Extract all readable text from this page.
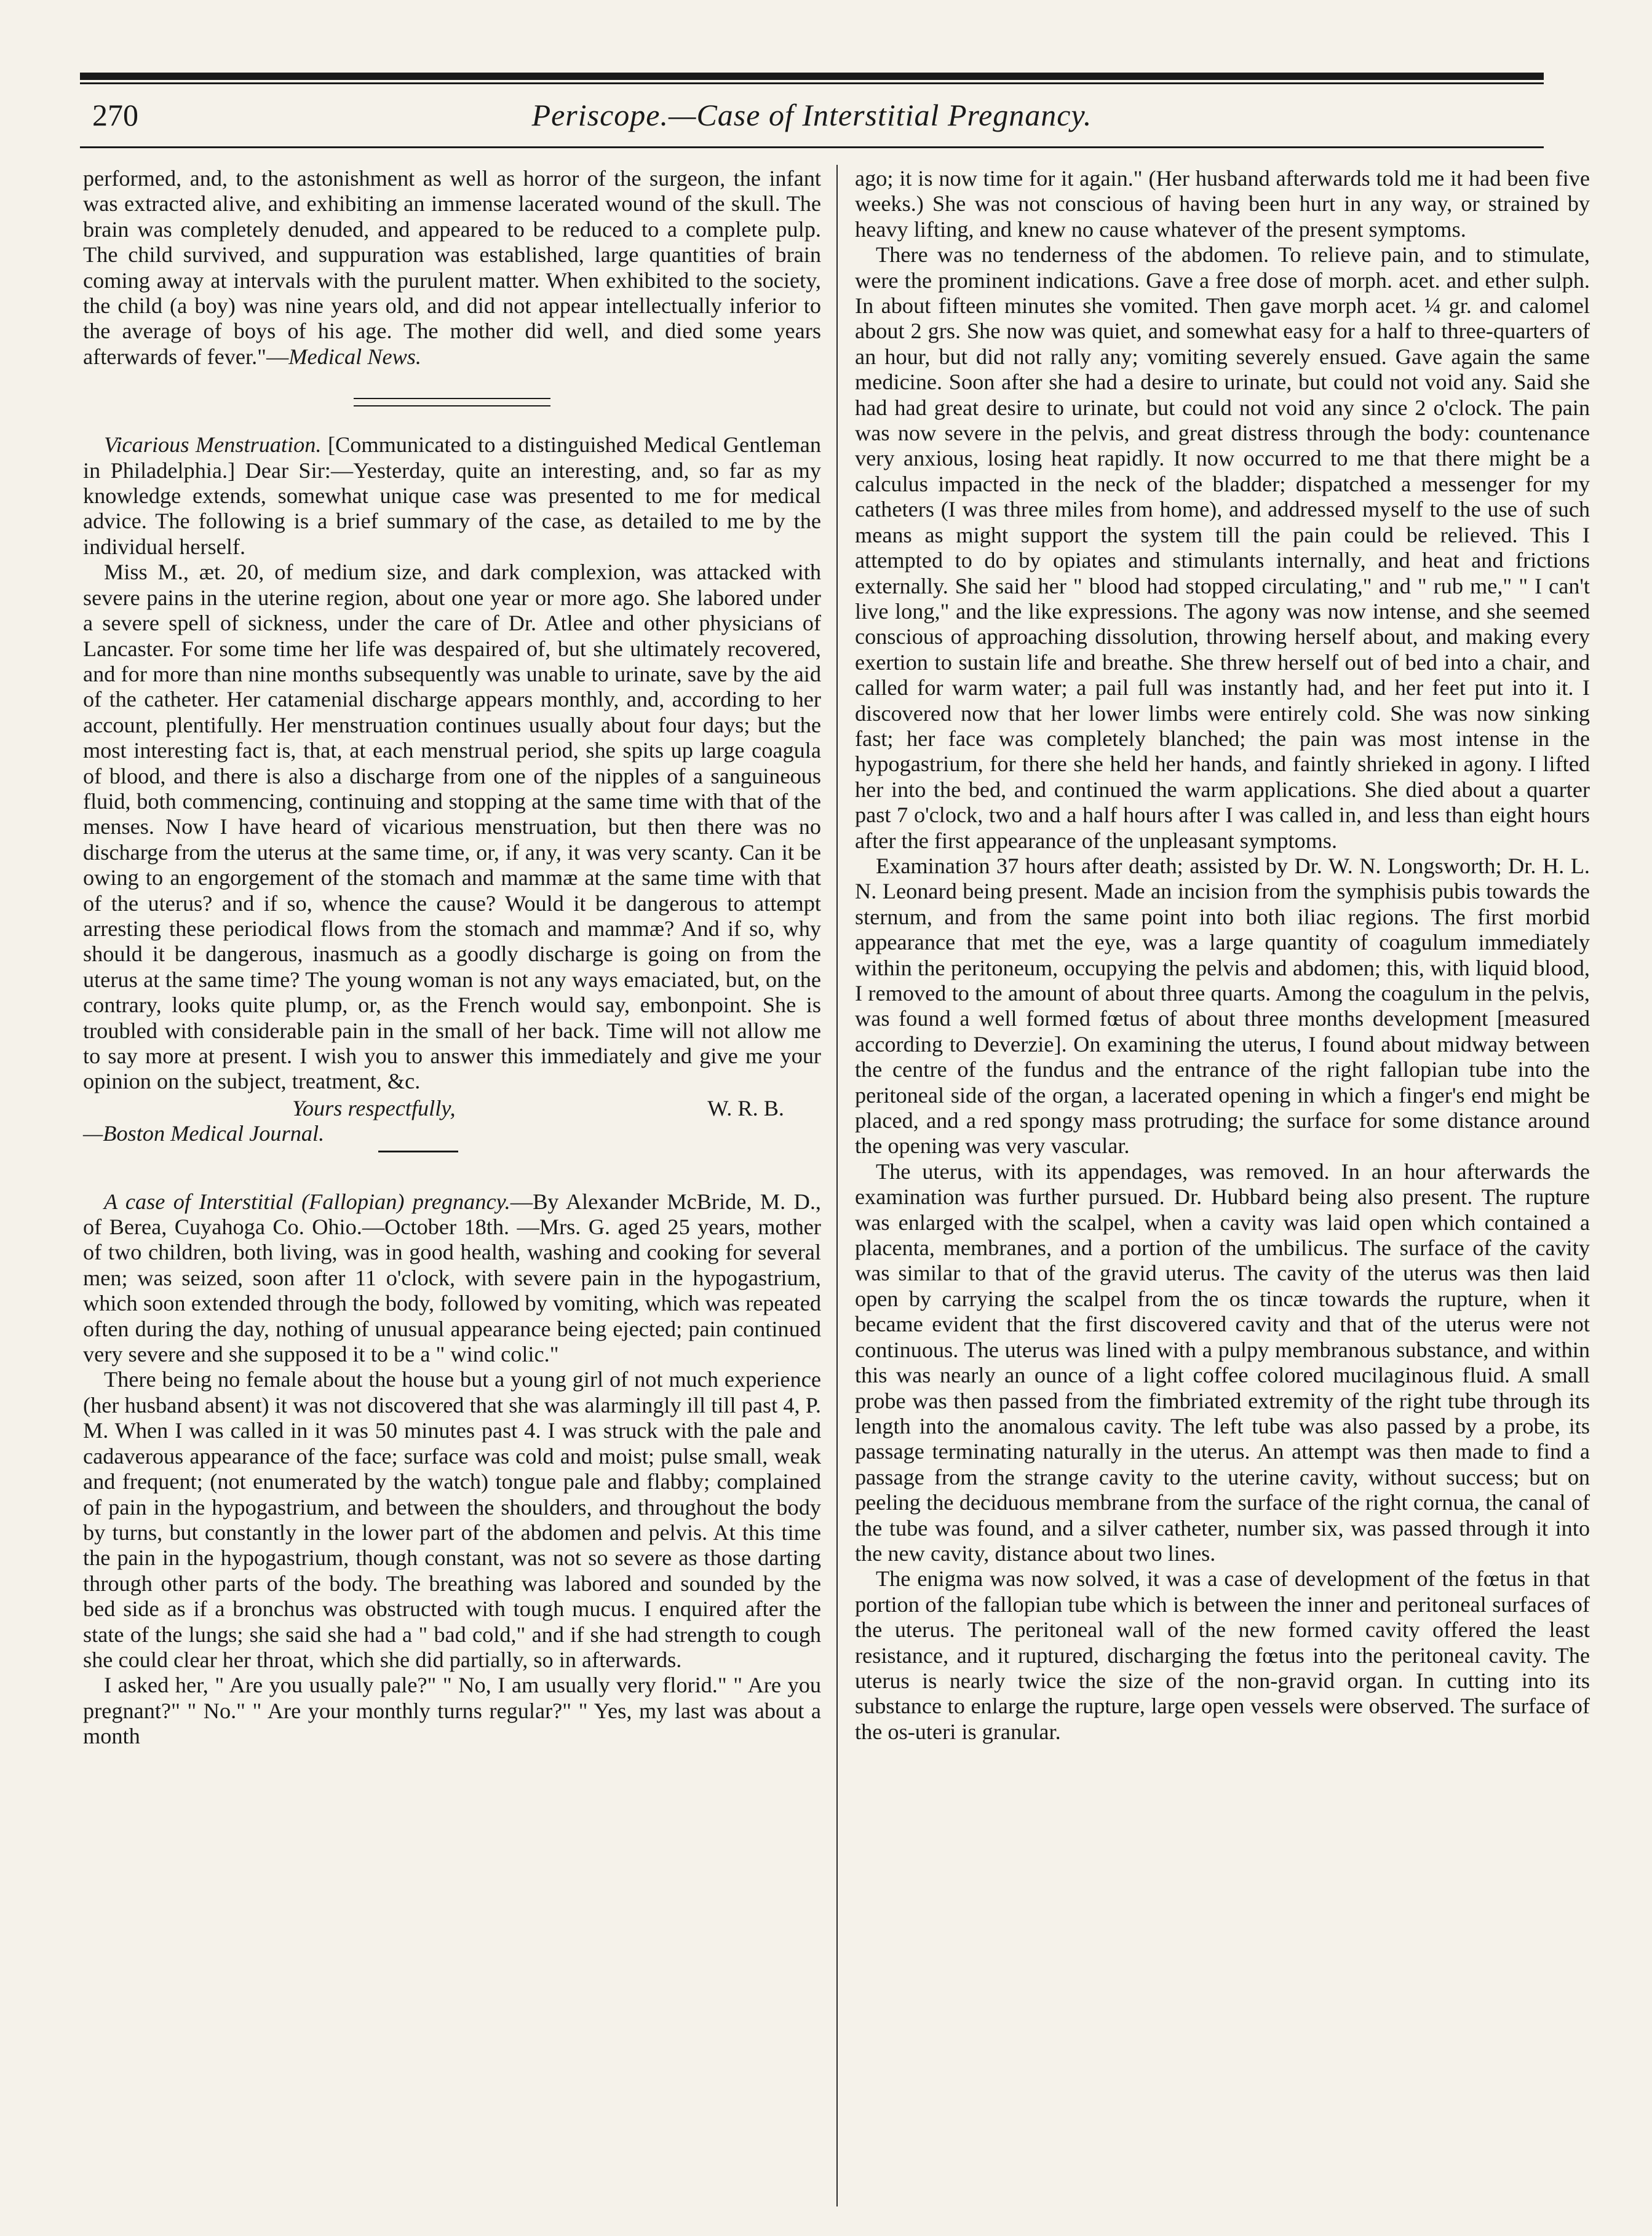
270	Periscope.—Case of Interstitial Pregnancy.

performed, and, to the astonishment as well as horror of the surgeon, the infant was extracted alive, and exhibiting an immense lacerated wound of the skull. The brain was completely denuded, and appeared to be reduced to a complete pulp. The child survived, and suppuration was established, large quantities of brain coming away at intervals with the purulent matter. When exhibited to the society, the child (a boy) was nine years old, and did not appear intellectually inferior to the average of boys of his age. The mother did well, and died some years afterwards of fever."—Medical News.

Vicarious Menstruation. [Communicated to a distinguished Medical Gentleman in Philadelphia.] Dear Sir:—Yesterday, quite an interesting, and, so far as my knowledge extends, somewhat unique case was presented to me for medical advice. The following is a brief summary of the case, as detailed to me by the individual herself.

Miss M., æt. 20, of medium size, and dark complexion, was attacked with severe pains in the uterine region, about one year or more ago. She labored under a severe spell of sickness, under the care of Dr. Atlee and other physicians of Lancaster. For some time her life was despaired of, but she ultimately recovered, and for more than nine months subsequently was unable to urinate, save by the aid of the catheter. Her catamenial discharge appears monthly, and, according to her account, plentifully. Her menstruation continues usually about four days; but the most interesting fact is, that, at each menstrual period, she spits up large coagula of blood, and there is also a discharge from one of the nipples of a sanguineous fluid, both commencing, continuing and stopping at the same time with that of the menses. Now I have heard of vicarious menstruation, but then there was no discharge from the uterus at the same time, or, if any, it was very scanty. Can it be owing to an engorgement of the stomach and mammæ at the same time with that of the uterus? and if so, whence the cause? Would it be dangerous to attempt arresting these periodical flows from the stomach and mammæ? And if so, why should it be dangerous, inasmuch as a goodly discharge is going on from the uterus at the same time? The young woman is not any ways emaciated, but, on the contrary, looks quite plump, or, as the French would say, embonpoint. She is troubled with considerable pain in the small of her back. Time will not allow me to say more at present. I wish you to answer this immediately and give me your opinion on the subject, treatment, &c.

Yours respectfully,	W. R. B.

—Boston Medical Journal.

A case of Interstitial (Fallopian) pregnancy.—By Alexander McBride, M. D., of Berea, Cuyahoga Co. Ohio.—October 18th. —Mrs. G. aged 25 years, mother of two children, both living, was in good health, washing and cooking for several men; was seized, soon after 11 o'clock, with severe pain in the hypogastrium, which soon extended through the body, followed by vomiting, which was repeated often during the day, nothing of unusual appearance being ejected; pain continued very severe and she supposed it to be a " wind colic."

There being no female about the house but a young girl of not much experience (her husband absent) it was not discovered that she was alarmingly ill till past 4, P. M. When I was called in it was 50 minutes past 4. I was struck with the pale and cadaverous appearance of the face; surface was cold and moist; pulse small, weak and frequent; (not enumerated by the watch) tongue pale and flabby; complained of pain in the hypogastrium, and between the shoulders, and throughout the body by turns, but constantly in the lower part of the abdomen and pelvis. At this time the pain in the hypogastrium, though constant, was not so severe as those darting through other parts of the body. The breathing was labored and sounded by the bed side as if a bronchus was obstructed with tough mucus. I enquired after the state of the lungs; she said she had a " bad cold," and if she had strength to cough she could clear her throat, which she did partially, so in afterwards.

I asked her, " Are you usually pale?" " No, I am usually very florid." " Are you pregnant?" " No." " Are your monthly turns regular?" " Yes, my last was about a month

ago; it is now time for it again." (Her husband afterwards told me it had been five weeks.) She was not conscious of having been hurt in any way, or strained by heavy lifting, and knew no cause whatever of the present symptoms.

There was no tenderness of the abdomen. To relieve pain, and to stimulate, were the prominent indications. Gave a free dose of morph. acet. and ether sulph. In about fifteen minutes she vomited. Then gave morph acet. ¼ gr. and calomel about 2 grs. She now was quiet, and somewhat easy for a half to three-quarters of an hour, but did not rally any; vomiting severely ensued. Gave again the same medicine. Soon after she had a desire to urinate, but could not void any. Said she had had great desire to urinate, but could not void any since 2 o'clock. The pain was now severe in the pelvis, and great distress through the body: countenance very anxious, losing heat rapidly. It now occurred to me that there might be a calculus impacted in the neck of the bladder; dispatched a messenger for my catheters (I was three miles from home), and addressed myself to the use of such means as might support the system till the pain could be relieved. This I attempted to do by opiates and stimulants internally, and heat and frictions externally. She said her " blood had stopped circulating," and " rub me," " I can't live long," and the like expressions. The agony was now intense, and she seemed conscious of approaching dissolution, throwing herself about, and making every exertion to sustain life and breathe. She threw herself out of bed into a chair, and called for warm water; a pail full was instantly had, and her feet put into it. I discovered now that her lower limbs were entirely cold. She was now sinking fast; her face was completely blanched; the pain was most intense in the hypogastrium, for there she held her hands, and faintly shrieked in agony. I lifted her into the bed, and continued the warm applications. She died about a quarter past 7 o'clock, two and a half hours after I was called in, and less than eight hours after the first appearance of the unpleasant symptoms.

Examination 37 hours after death; assisted by Dr. W. N. Longsworth; Dr. H. L. N. Leonard being present. Made an incision from the symphisis pubis towards the sternum, and from the same point into both iliac regions. The first morbid appearance that met the eye, was a large quantity of coagulum immediately within the peritoneum, occupying the pelvis and abdomen; this, with liquid blood, I removed to the amount of about three quarts. Among the coagulum in the pelvis, was found a well formed fœtus of about three months development [measured according to Deverzie]. On examining the uterus, I found about midway between the centre of the fundus and the entrance of the right fallopian tube into the peritoneal side of the organ, a lacerated opening in which a finger's end might be placed, and a red spongy mass protruding; the surface for some distance around the opening was very vascular.

The uterus, with its appendages, was removed. In an hour afterwards the examination was further pursued. Dr. Hubbard being also present. The rupture was enlarged with the scalpel, when a cavity was laid open which contained a placenta, membranes, and a portion of the umbilicus. The surface of the cavity was similar to that of the gravid uterus. The cavity of the uterus was then laid open by carrying the scalpel from the os tincæ towards the rupture, when it became evident that the first discovered cavity and that of the uterus were not continuous. The uterus was lined with a pulpy membranous substance, and within this was nearly an ounce of a light coffee colored mucilaginous fluid. A small probe was then passed from the fimbriated extremity of the right tube through its length into the anomalous cavity. The left tube was also passed by a probe, its passage terminating naturally in the uterus. An attempt was then made to find a passage from the strange cavity to the uterine cavity, without success; but on peeling the deciduous membrane from the surface of the right cornua, the canal of the tube was found, and a silver catheter, number six, was passed through it into the new cavity, distance about two lines.

The enigma was now solved, it was a case of development of the fœtus in that portion of the fallopian tube which is between the inner and peritoneal surfaces of the uterus. The peritoneal wall of the new formed cavity offered the least resistance, and it ruptured, discharging the fœtus into the peritoneal cavity. The uterus is nearly twice the size of the non-gravid organ. In cutting into its substance to enlarge the rupture, large open vessels were observed. The surface of the os-uteri is granular.
